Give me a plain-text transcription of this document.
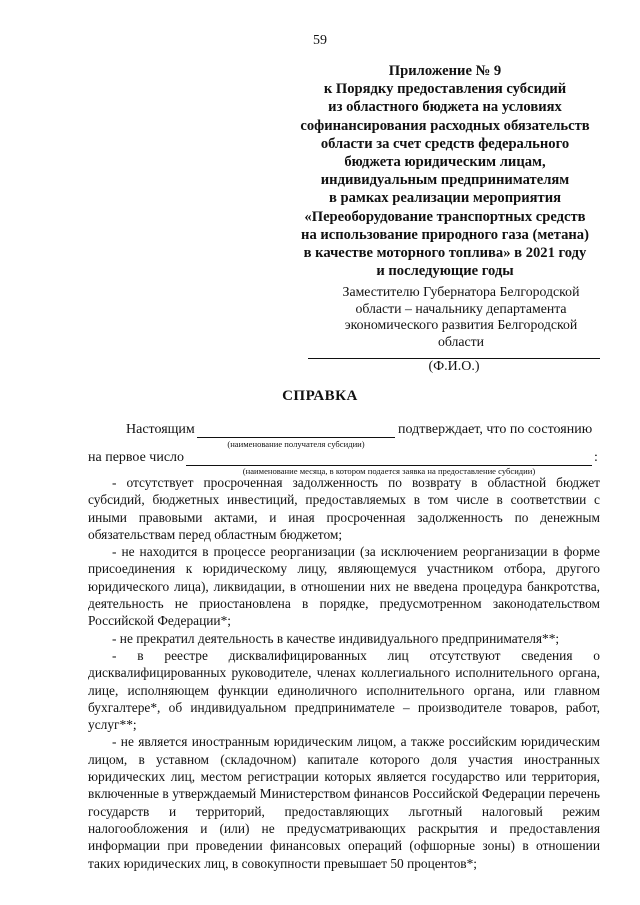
59
Приложение № 9
к Порядку предоставления субсидий
из областного бюджета на условиях
софинансирования расходных обязательств
области за счет средств федерального
бюджета юридическим лицам,
индивидуальным предпринимателям
в рамках реализации мероприятия
«Переоборудование транспортных средств
на использование природного газа (метана)
в качестве моторного топлива» в 2021 году
и последующие годы
Заместителю Губернатора Белгородской
области – начальнику департамента
экономического развития Белгородской
области
(Ф.И.О.)
СПРАВКА
Настоящим	подтверждает, что по состоянию
(наименование получателя субсидии)
на первое число	:
(наименование месяца, в котором подается заявка на предоставление субсидии)

- отсутствует просроченная задолженность по возврату в областной бюджет субсидий, бюджетных инвестиций, предоставляемых в том числе в соответствии с иными правовыми актами, и иная просроченная задолженность по денежным обязательствам перед областным бюджетом;

- не находится в процессе реорганизации (за исключением реорганизации в форме присоединения к юридическому лицу, являющемуся участником отбора, другого юридического лица), ликвидации, в отношении них не введена процедура банкротства, деятельность не приостановлена в порядке, предусмотренном законодательством Российской Федерации*;

- не прекратил деятельность в качестве индивидуального предпринимателя**;

- в реестре дисквалифицированных лиц отсутствуют сведения о дисквалифицированных руководителе, членах коллегиального исполнительного органа, лице, исполняющем функции единоличного исполнительного органа, или главном бухгалтере*, об индивидуальном предпринимателе – производителе товаров, работ, услуг**;

- не является иностранным юридическим лицом, а также российским юридическим лицом, в уставном (складочном) капитале которого доля участия иностранных юридических лиц, местом регистрации которых является государство или территория, включенные в утверждаемый Министерством финансов Российской Федерации перечень государств и территорий, предоставляющих льготный налоговый режим налогообложения и (или) не предусматривающих раскрытия и предоставления информации при проведении финансовых операций (офшорные зоны) в отношении таких юридических лиц, в совокупности превышает 50 процентов*;
